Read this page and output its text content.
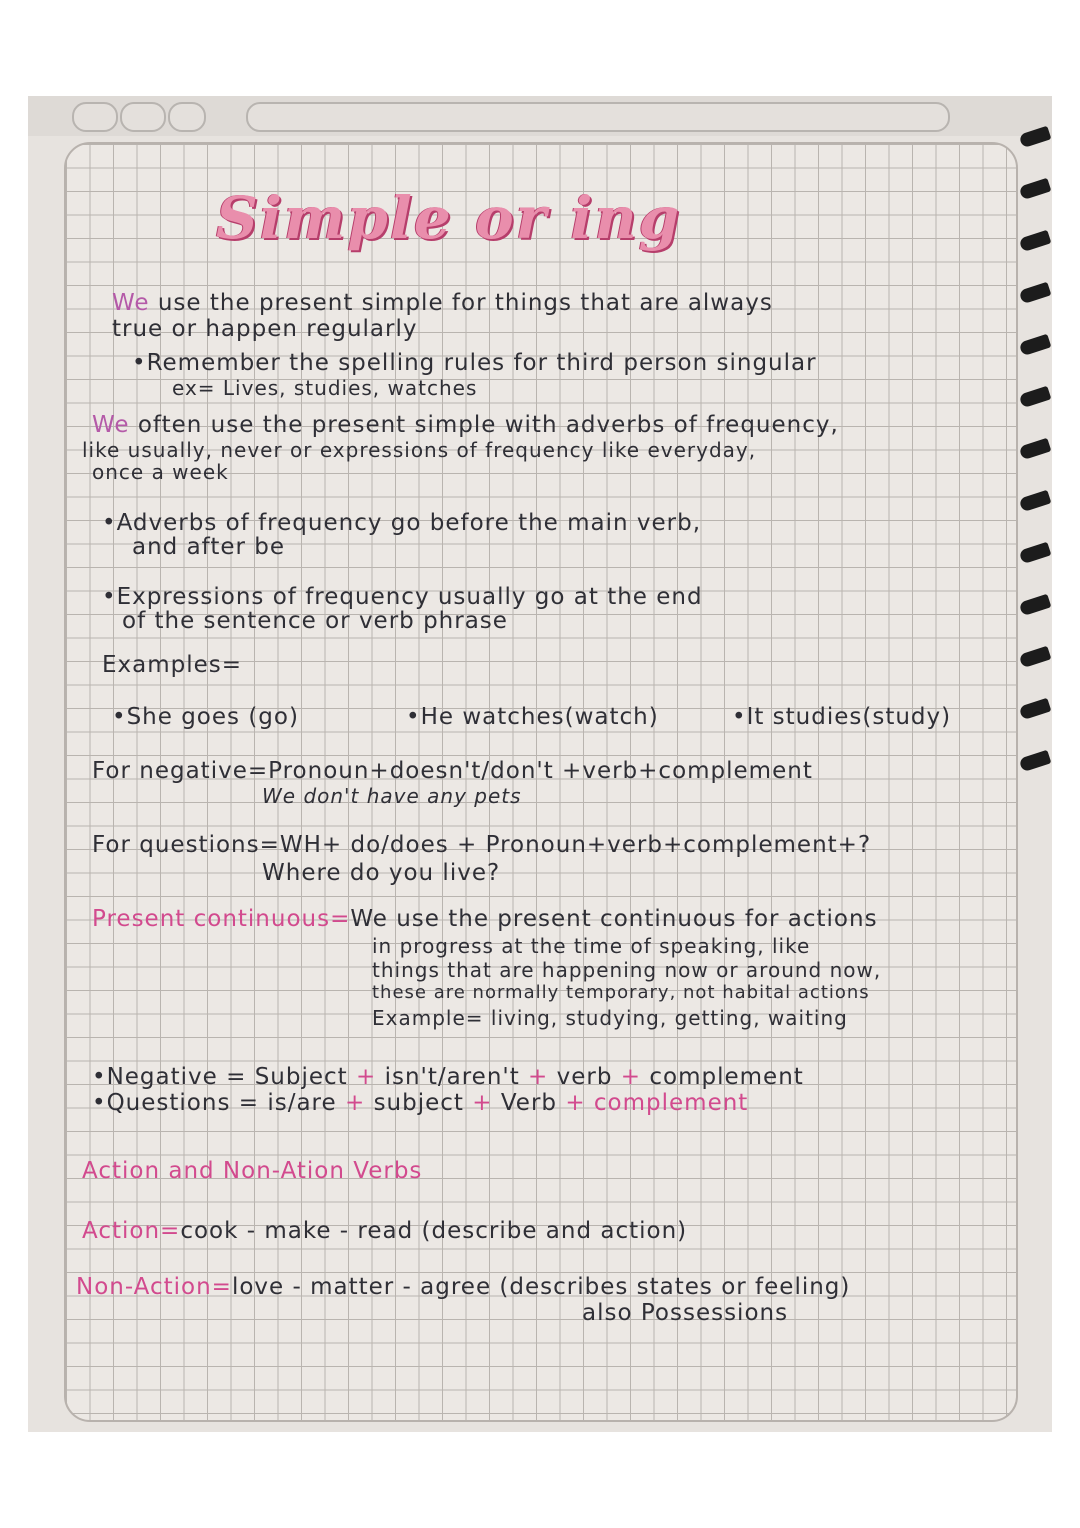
Simple or ing
We use the present simple for things that are always
true or happen regularly
•Remember the spelling rules for third person singular
ex= Lives, studies, watches
We often use the present simple with adverbs of frequency,
like usually, never or expressions of frequency like everyday,
once a week
•Adverbs of frequency go before the main verb,
and after be
•Expressions of frequency usually go at the end
of the sentence or verb phrase
Examples=
•She goes (go)	•He watches(watch)	•It studies(study)
For negative=Pronoun+doesn't/don't +verb+complement
We don't have any pets
For questions=WH+ do/does + Pronoun+verb+complement+?
Where do you live?
Present continuous=We use the present continuous for actions
in progress at the time of speaking, like
things that are happening now or around now,
these are normally temporary, not habital actions
Example= living, studying, getting, waiting
•Negative = Subject + isn't/aren't + verb + complement
•Questions = is/are + subject + Verb + complement
Action and Non-Ation Verbs
Action=cook - make - read (describe and action)
Non-Action=love - matter - agree (describes states or feeling)
also Possessions
